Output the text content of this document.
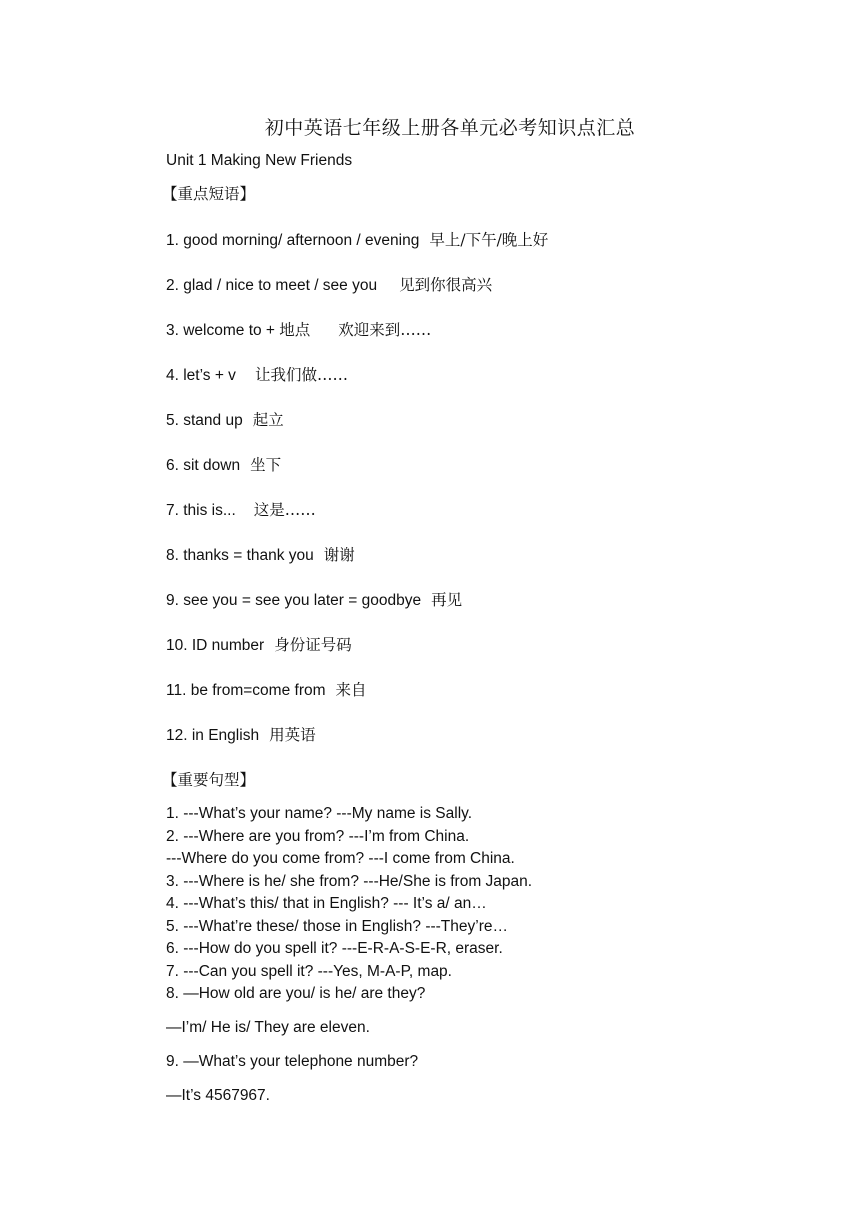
初中英语七年级上册各单元必考知识点汇总
Unit 1 Making New Friends
【重点短语】
1. good morning/ afternoon / evening 早上/下午/晚上好
2. glad / nice to meet / see you 见到你很高兴
3. welcome to + 地点 欢迎来到……
4. let’s + v 让我们做……
5. stand up 起立
6. sit down 坐下
7. this is... 这是……
8. thanks = thank you 谢谢
9. see you = see you later = goodbye 再见
10. ID number 身份证号码
11. be from=come from 来自
12. in English 用英语
【重要句型】
1. ---What’s your name? ---My name is Sally.
2. ---Where are you from? ---I’m from China.
---Where do you come from? ---I come from China.
3. ---Where is he/ she from? ---He/She is from Japan.
4. ---What’s this/ that in English? --- It’s a/ an…
5. ---What’re these/ those in English? ---They’re…
6. ---How do you spell it? ---E-R-A-S-E-R, eraser.
7. ---Can you spell it? ---Yes, M-A-P, map.
8. —How old are you/ is he/ are they?
—I’m/ He is/ They are eleven.
9. —What’s your telephone number?
—It’s 4567967.
